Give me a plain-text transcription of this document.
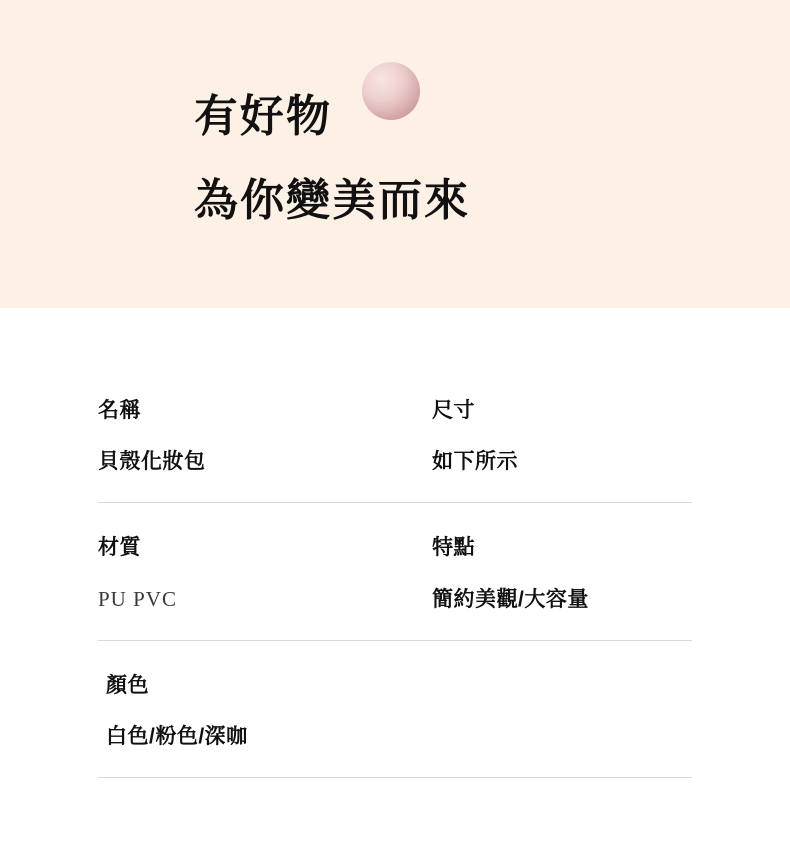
有好物
為你變美而來
名稱
貝殼化妝包
尺寸
如下所示
材質
PU PVC
特點
簡約美觀/大容量
顏色
白色/粉色/深咖
